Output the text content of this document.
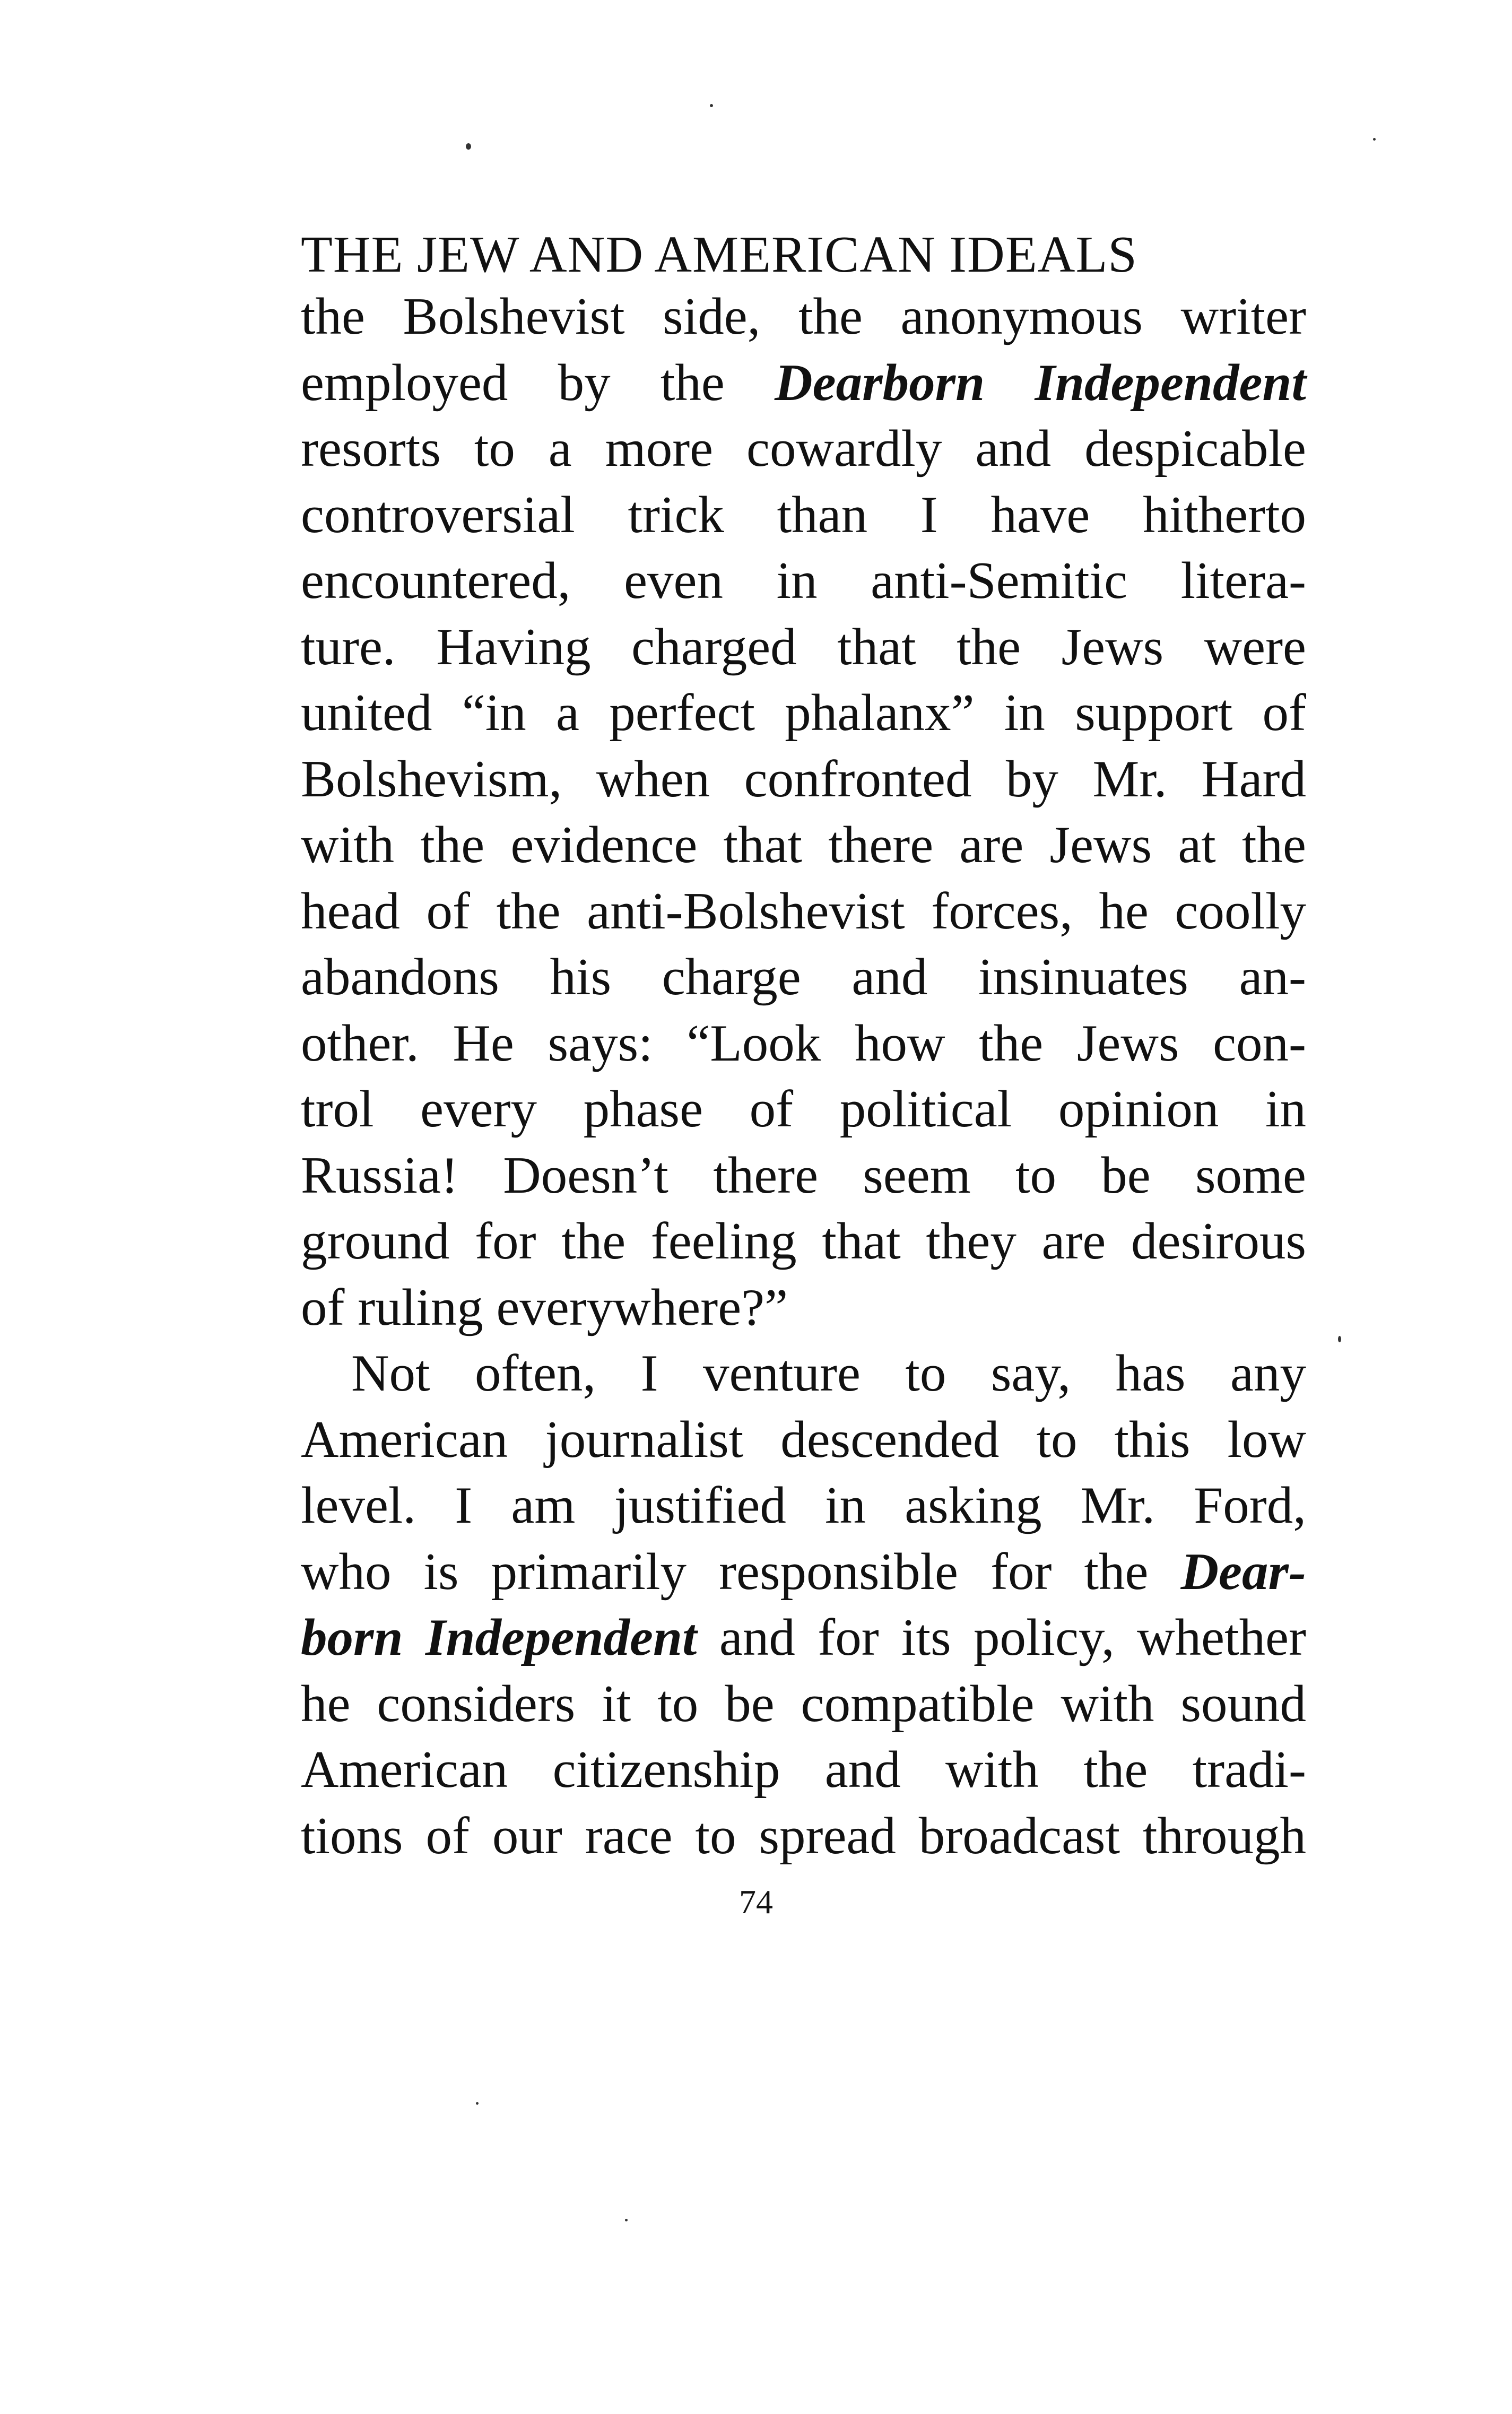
THE JEW AND AMERICAN IDEALS
the Bolshevist side, the anonymous writer
employed by the Dearborn Independent
resorts to a more cowardly and despicable
controversial trick than I have hitherto
encountered, even in anti-Semitic litera-
ture. Having charged that the Jews were
united “in a perfect phalanx” in support of
Bolshevism, when confronted by Mr. Hard
with the evidence that there are Jews at the
head of the anti-Bolshevist forces, he coolly
abandons his charge and insinuates an-
other. He says: “Look how the Jews con-
trol every phase of political opinion in
Russia! Doesn’t there seem to be some
ground for the feeling that they are desirous
of ruling everywhere?”
Not often, I venture to say, has any
American journalist descended to this low
level. I am justified in asking Mr. Ford,
who is primarily responsible for the Dear-
born Independent and for its policy, whether
he considers it to be compatible with sound
American citizenship and with the tradi-
tions of our race to spread broadcast through
74
